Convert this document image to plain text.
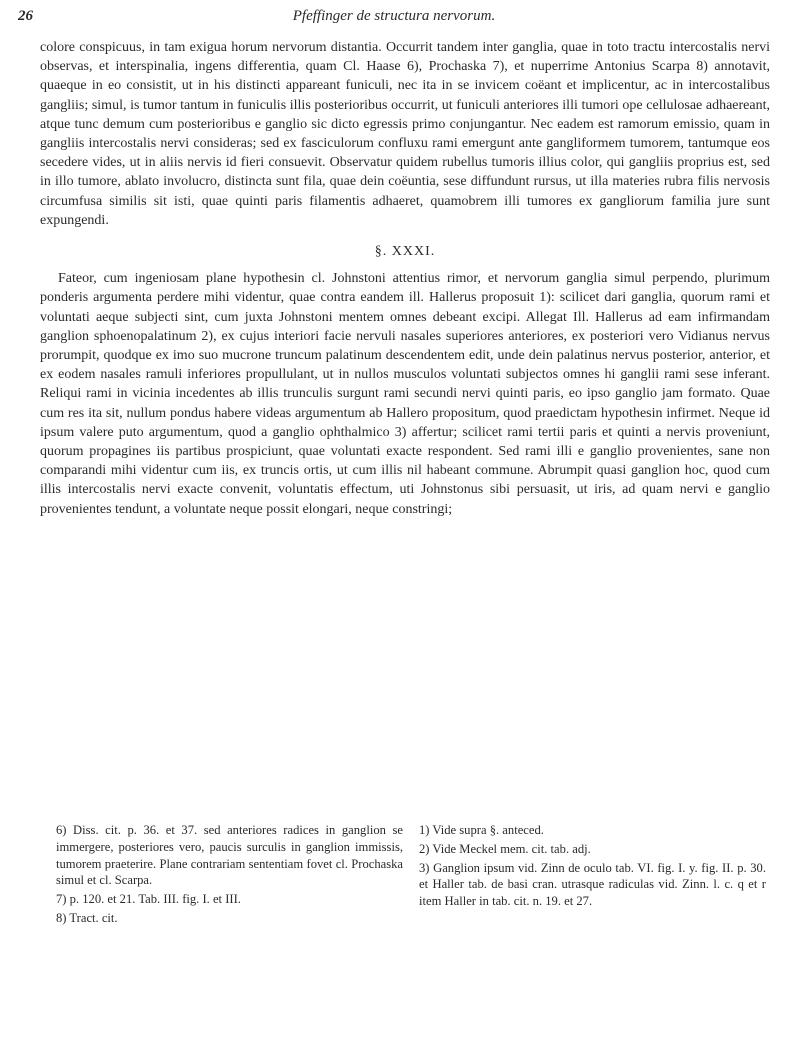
26	Pfeffinger de structura nervorum.

colore conspicuus, in tam exigua horum nervorum distantia. Occurrit tandem inter ganglia, quae in toto tractu intercostalis nervi observas, et interspinalia, ingens differentia, quam Cl. Haase 6), Prochaska 7), et nuperrime Antonius Scarpa 8) annotavit, quaeque in eo consistit, ut in his distincti appareant funiculi, nec ita in se invicem coëant et implicentur, ac in intercostalibus gangliis; simul, is tumor tantum in funiculis illis posterioribus occurrit, ut funiculi anteriores illi tumori ope cellulosae adhaereant, atque tunc demum cum posterioribus e ganglio sic dicto egressis primo conjungantur. Nec eadem est ramorum emissio, quam in gangliis intercostalis nervi consideras; sed ex fasciculorum confluxu rami emergunt ante gangliformem tumorem, tantumque eos secedere vides, ut in aliis nervis id fieri consuevit. Observatur quidem rubellus tumoris illius color, qui gangliis proprius est, sed in illo tumore, ablato involucro, distincta sunt fila, quae dein coëuntia, sese diffundunt rursus, ut illa materies rubra filis nervosis circumfusa similis sit isti, quae quinti paris filamentis adhaeret, quamobrem illi tumores ex gangliorum familia jure sunt expungendi.

§. XXXI.

Fateor, cum ingeniosam plane hypothesin cl. Johnstoni attentius rimor, et nervorum ganglia simul perpendo, plurimum ponderis argumenta perdere mihi videntur, quae contra eandem ill. Hallerus proposuit 1): scilicet dari ganglia, quorum rami et voluntati aeque subjecti sint, cum juxta Johnstoni mentem omnes debeant excipi. Allegat Ill. Hallerus ad eam infirmandam ganglion sphoenopalatinum 2), ex cujus interiori facie nervuli nasales superiores anteriores, ex posteriori vero Vidianus nervus prorumpit, quodque ex imo suo mucrone truncum palatinum descendentem edit, unde dein palatinus nervus posterior, anterior, et ex eodem nasales ramuli inferiores propullulant, ut in nullos musculos voluntati subjectos omnes hi ganglii rami sese inferant. Reliqui rami in vicinia incedentes ab illis trunculis surgunt rami secundi nervi quinti paris, eo ipso ganglio jam formato. Quae cum res ita sit, nullum pondus habere videas argumentum ab Hallero propositum, quod praedictam hypothesin infirmet. Neque id ipsum valere puto argumentum, quod a ganglio ophthalmico 3) affertur; scilicet rami tertii paris et quinti a nervis proveniunt, quorum propagines iis partibus prospiciunt, quae voluntati exacte respondent. Sed rami illi e ganglio provenientes, sane non comparandi mihi videntur cum iis, ex truncis ortis, ut cum illis nil habeant commune. Abrumpit quasi ganglion hoc, quod cum illis intercostalis nervi exacte convenit, voluntatis effectum, uti Johnstonus sibi persuasit, ut iris, ad quam nervi e ganglio provenientes tendunt, a voluntate neque possit elongari, neque constringi;

6) Diss. cit. p. 36. et 37. sed anteriores radices in ganglion se immergere, posteriores vero, paucis surculis in ganglion immissis, tumorem praeterire. Plane contrariam sententiam fovet cl. Prochaska simul et cl. Scarpa.

7) p. 120. et 21. Tab. III. fig. I. et III.

8) Tract. cit.

1) Vide supra §. anteced.

2) Vide Meckel mem. cit. tab. adj.

3) Ganglion ipsum vid. Zinn de oculo tab. VI. fig. I. y. fig. II. p. 30. et Haller tab. de basi cran. utrasque radiculas vid. Zinn. l. c. q et r item Haller in tab. cit. n. 19. et 27.
